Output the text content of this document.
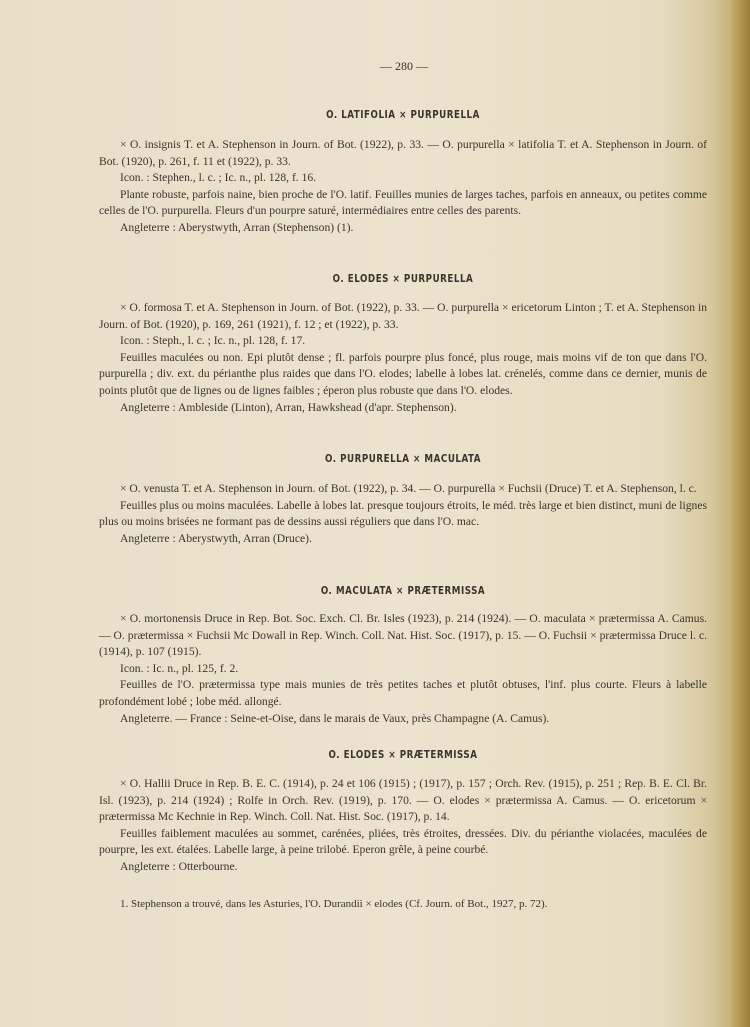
— 280 —
O. LATIFOLIA × PURPURELLA

× O. insignis T. et A. Stephenson in Journ. of Bot. (1922), p. 33. — O. purpurella × latifolia T. et A. Stephenson in Journ. of Bot. (1920), p. 261, f. 11 et (1922), p. 33.

Icon. : Stephen., l. c. ; Ic. n., pl. 128, f. 16.

Plante robuste, parfois naine, bien proche de l'O. latif. Feuilles munies de larges taches, parfois en anneaux, ou petites comme celles de l'O. purpurella. Fleurs d'un pourpre saturé, intermédiaires entre celles des parents.

Angleterre : Aberystwyth, Arran (Stephenson) (1).

O. ELODES × PURPURELLA

× O. formosa T. et A. Stephenson in Journ. of Bot. (1922), p. 33. — O. purpurella × ericetorum Linton ; T. et A. Stephenson in Journ. of Bot. (1920), p. 169, 261 (1921), f. 12 ; et (1922), p. 33.

Icon. : Steph., l. c. ; Ic. n., pl. 128, f. 17.

Feuilles maculées ou non. Epi plutôt dense ; fl. parfois pourpre plus foncé, plus rouge, mais moins vif de ton que dans l'O. purpurella ; div. ext. du périanthe plus raides que dans l'O. elodes; labelle à lobes lat. crénelés, comme dans ce dernier, munis de points plutôt que de lignes ou de lignes faibles ; éperon plus robuste que dans l'O. elodes.

Angleterre : Ambleside (Linton), Arran, Hawkshead (d'apr. Stephenson).

O. PURPURELLA × MACULATA

× O. venusta T. et A. Stephenson in Journ. of Bot. (1922), p. 34. — O. purpurella × Fuchsii (Druce) T. et A. Stephenson, l. c.

Feuilles plus ou moins maculées. Labelle à lobes lat. presque toujours étroits, le méd. très large et bien distinct, muni de lignes plus ou moins brisées ne formant pas de dessins aussi réguliers que dans l'O. mac.

Angleterre : Aberystwyth, Arran (Druce).

O. MACULATA × PRÆTERMISSA

× O. mortonensis Druce in Rep. Bot. Soc. Exch. Cl. Br. Isles (1923), p. 214 (1924). — O. maculata × prætermissa A. Camus. — O. prætermissa × Fuchsii Mc Dowall in Rep. Winch. Coll. Nat. Hist. Soc. (1917), p. 15. — O. Fuchsii × prætermissa Druce l. c. (1914), p. 107 (1915).

Icon. : Ic. n., pl. 125, f. 2.

Feuilles de l'O. prætermissa type mais munies de très petites taches et plutôt obtuses, l'inf. plus courte. Fleurs à labelle profondément lobé ; lobe méd. allongé.

Angleterre. — France : Seine-et-Oise, dans le marais de Vaux, près Champagne (A. Camus).

O. ELODES × PRÆTERMISSA

× O. Hallii Druce in Rep. B. E. C. (1914), p. 24 et 106 (1915) ; (1917), p. 157 ; Orch. Rev. (1915), p. 251 ; Rep. B. E. Cl. Br. Isl. (1923), p. 214 (1924) ; Rolfe in Orch. Rev. (1919), p. 170. — O. elodes × prætermissa A. Camus. — O. ericetorum × prætermissa Mc Kechnie in Rep. Winch. Coll. Nat. Hist. Soc. (1917), p. 14.

Feuilles faiblement maculées au sommet, carénées, pliées, très étroites, dressées. Div. du périanthe violacées, maculées de pourpre, les ext. étalées. Labelle large, à peine trilobé. Eperon grêle, à peine courbé.

Angleterre : Otterbourne.

1. Stephenson a trouvé, dans les Asturies, l'O. Durandii × elodes (Cf. Journ. of Bot., 1927, p. 72).
